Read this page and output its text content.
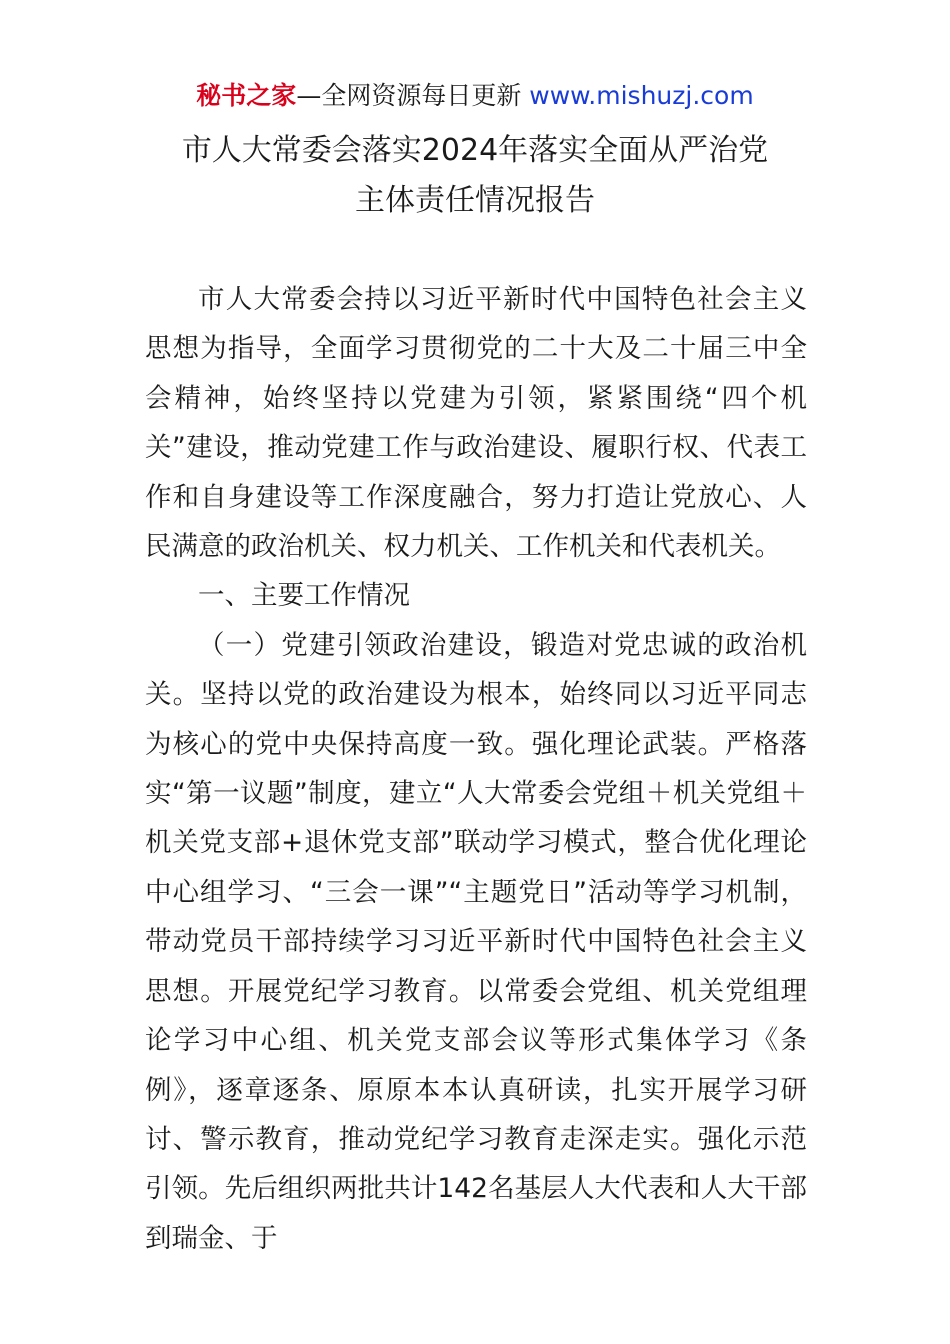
秘书之家—全网资源每日更新 www.mishuzj.com
市人大常委会落实2024年落实全面从严治党
主体责任情况报告

市人大常委会持以习近平新时代中国特色社会主义思想为指导，全面学习贯彻党的二十大及二十届三中全会精神，始终坚持以党建为引领，紧紧围绕“四个机关”建设，推动党建工作与政治建设、履职行权、代表工作和自身建设等工作深度融合，努力打造让党放心、人民满意的政治机关、权力机关、工作机关和代表机关。

一、主要工作情况

（一）党建引领政治建设，锻造对党忠诚的政治机关。坚持以党的政治建设为根本，始终同以习近平同志为核心的党中央保持高度一致。强化理论武装。严格落实“第一议题”制度，建立“人大常委会党组＋机关党组＋机关党支部+退休党支部”联动学习模式，整合优化理论中心组学习、“三会一课”“主题党日”活动等学习机制，带动党员干部持续学习习近平新时代中国特色社会主义思想。开展党纪学习教育。以常委会党组、机关党组理论学习中心组、机关党支部会议等形式集体学习《条例》，逐章逐条、原原本本认真研读，扎实开展学习研讨、警示教育，推动党纪学习教育走深走实。强化示范引领。先后组织两批共计142名基层人大代表和人大干部到瑞金、于
